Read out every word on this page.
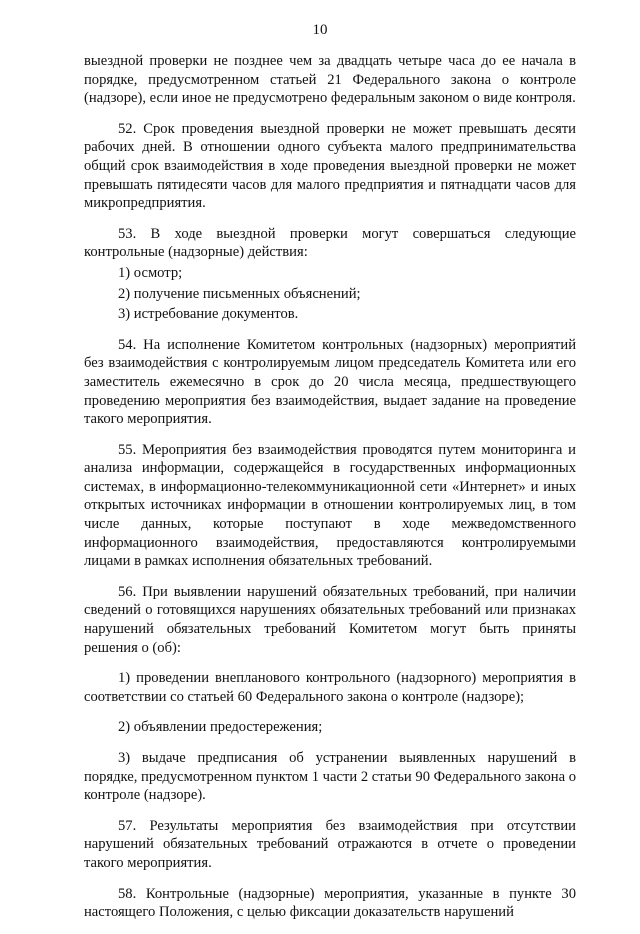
10

выездной проверки не позднее чем за двадцать четыре часа до ее начала в порядке, предусмотренном статьей 21 Федерального закона о контроле (надзоре), если иное не предусмотрено федеральным законом о виде контроля.

52. Срок проведения выездной проверки не может превышать десяти рабочих дней. В отношении одного субъекта малого предпринимательства общий срок взаимодействия в ходе проведения выездной проверки не может превышать пятидесяти часов для малого предприятия и пятнадцати часов для микропредприятия.

53. В ходе выездной проверки могут совершаться следующие контрольные (надзорные) действия:

1) осмотр;
2) получение письменных объяснений;
3) истребование документов.

54. На исполнение Комитетом контрольных (надзорных) мероприятий без взаимодействия с контролируемым лицом председатель Комитета или его заместитель ежемесячно в срок до 20 числа месяца, предшествующего проведению мероприятия без взаимодействия, выдает задание на проведение такого мероприятия.

55. Мероприятия без взаимодействия проводятся путем мониторинга и анализа информации, содержащейся в государственных информационных системах, в информационно-телекоммуникационной сети «Интернет» и иных открытых источниках информации в отношении контролируемых лиц, в том числе данных, которые поступают в ходе межведомственного информационного взаимодействия, предоставляются контролируемыми лицами в рамках исполнения обязательных требований.

56. При выявлении нарушений обязательных требований, при наличии сведений о готовящихся нарушениях обязательных требований или признаках нарушений обязательных требований Комитетом могут быть приняты решения о (об):

1) проведении внепланового контрольного (надзорного) мероприятия в соответствии со статьей 60 Федерального закона о контроле (надзоре);

2) объявлении предостережения;

3) выдаче предписания об устранении выявленных нарушений в порядке, предусмотренном пунктом 1 части 2 статьи 90 Федерального закона о контроле (надзоре).

57. Результаты мероприятия без взаимодействия при отсутствии нарушений обязательных требований отражаются в отчете о проведении такого мероприятия.

58. Контрольные (надзорные) мероприятия, указанные в пункте 30 настоящего Положения, с целью фиксации доказательств нарушений
